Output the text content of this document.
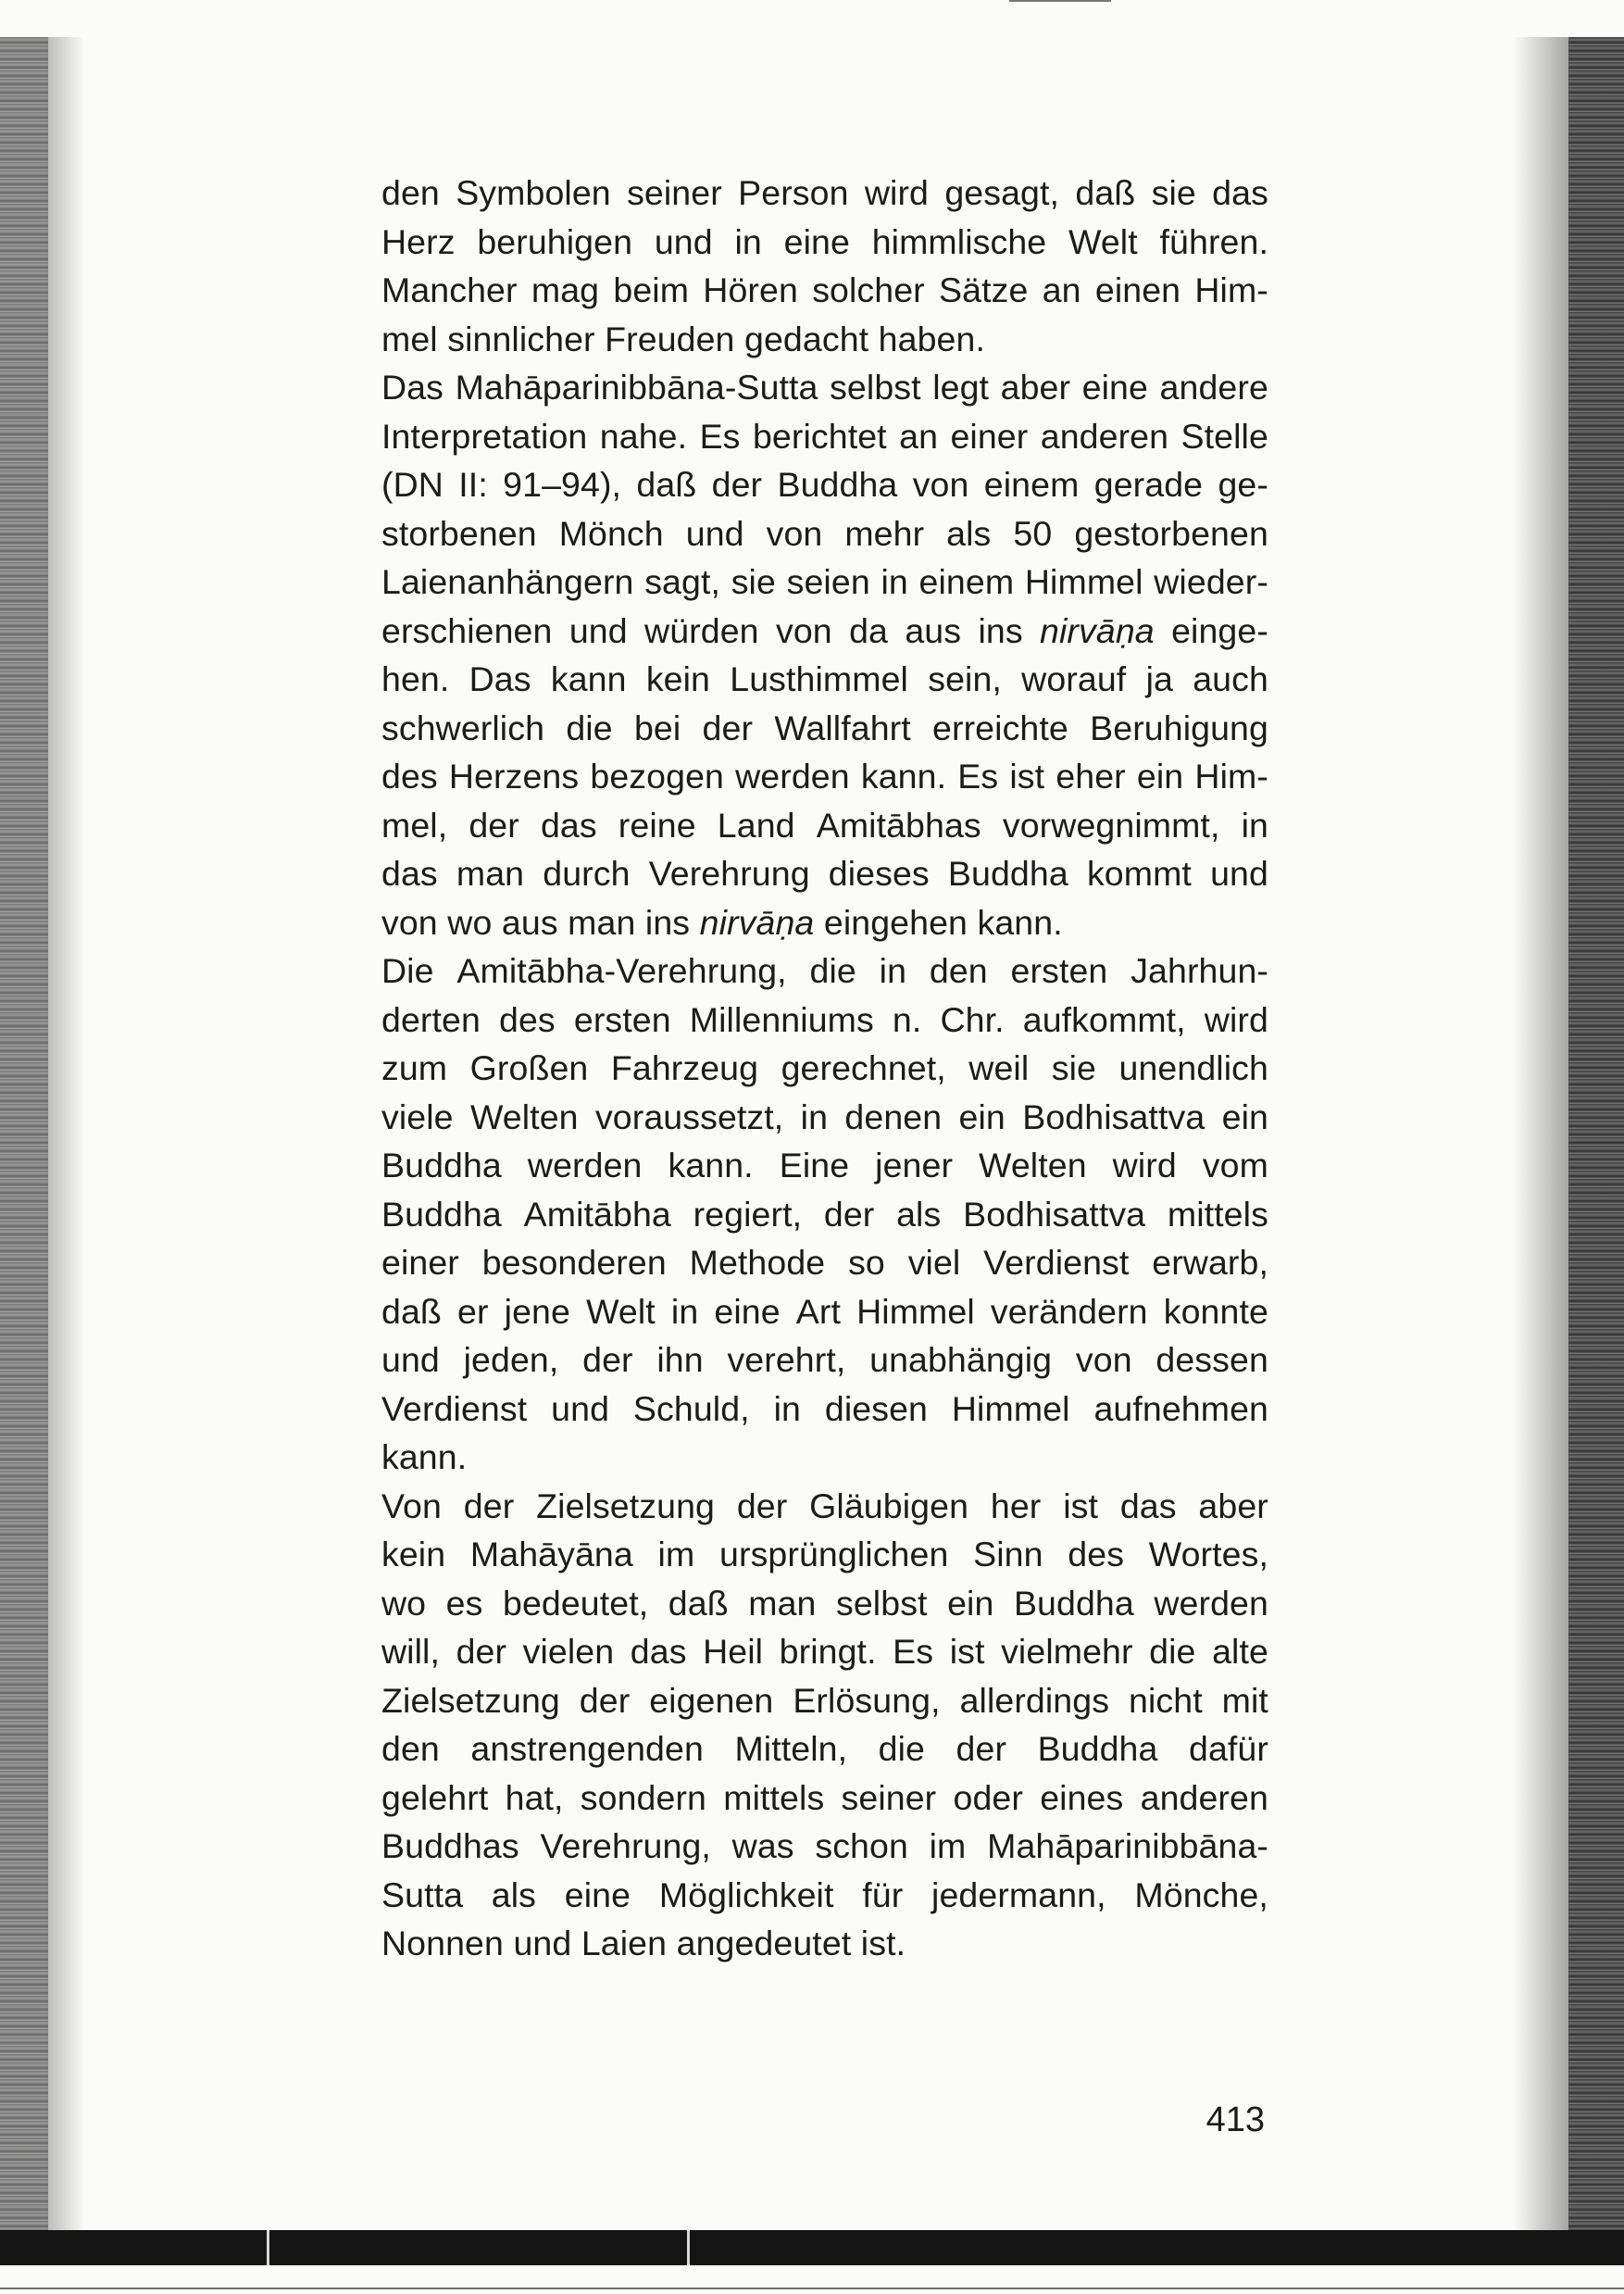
den Symbolen seiner Person wird gesagt, daß sie das
Herz beruhigen und in eine himmlische Welt führen.
Mancher mag beim Hören solcher Sätze an einen Him-
mel sinnlicher Freuden gedacht haben.
Das Mahāparinibbāna-Sutta selbst legt aber eine andere
Interpretation nahe. Es berichtet an einer anderen Stelle
(DN II: 91–94), daß der Buddha von einem gerade ge-
storbenen Mönch und von mehr als 50 gestorbenen
Laienanhängern sagt, sie seien in einem Himmel wieder-
erschienen und würden von da aus ins nirvāṇa einge-
hen. Das kann kein Lusthimmel sein, worauf ja auch
schwerlich die bei der Wallfahrt erreichte Beruhigung
des Herzens bezogen werden kann. Es ist eher ein Him-
mel, der das reine Land Amitābhas vorwegnimmt, in
das man durch Verehrung dieses Buddha kommt und
von wo aus man ins nirvāṇa eingehen kann.
Die Amitābha-Verehrung, die in den ersten Jahrhun-
derten des ersten Millenniums n. Chr. aufkommt, wird
zum Großen Fahrzeug gerechnet, weil sie unendlich
viele Welten voraussetzt, in denen ein Bodhisattva ein
Buddha werden kann. Eine jener Welten wird vom
Buddha Amitābha regiert, der als Bodhisattva mittels
einer besonderen Methode so viel Verdienst erwarb,
daß er jene Welt in eine Art Himmel verändern konnte
und jeden, der ihn verehrt, unabhängig von dessen
Verdienst und Schuld, in diesen Himmel aufnehmen
kann.
Von der Zielsetzung der Gläubigen her ist das aber
kein Mahāyāna im ursprünglichen Sinn des Wortes,
wo es bedeutet, daß man selbst ein Buddha werden
will, der vielen das Heil bringt. Es ist vielmehr die alte
Zielsetzung der eigenen Erlösung, allerdings nicht mit
den anstrengenden Mitteln, die der Buddha dafür
gelehrt hat, sondern mittels seiner oder eines anderen
Buddhas Verehrung, was schon im Mahāparinibbāna-
Sutta als eine Möglichkeit für jedermann, Mönche,
Nonnen und Laien angedeutet ist.
413
